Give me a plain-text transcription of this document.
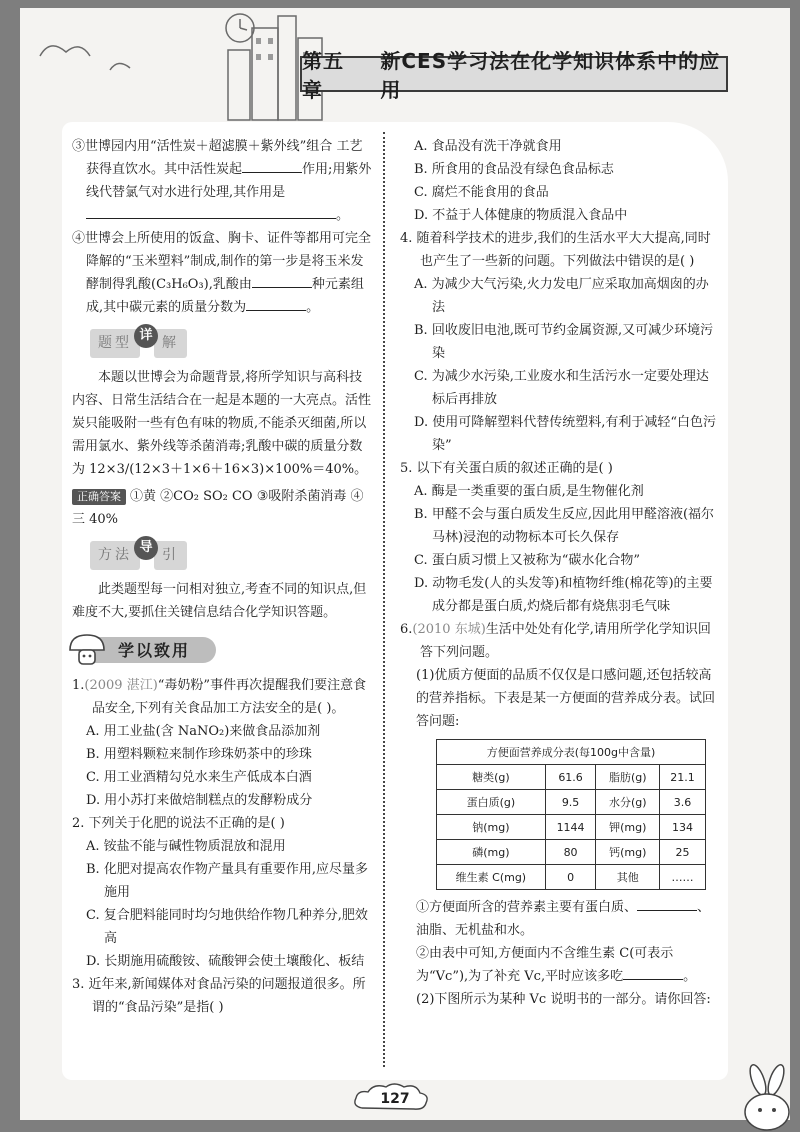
第五章
新CES学习法在化学知识体系中的应用

③世博园内用“活性炭＋超滤膜＋紫外线”组合 工艺获得直饮水。其中活性炭起	作用;用紫外线代替氯气对水进行处理,其作用是。

④世博会上所使用的饭盒、胸卡、证件等都用可完全降解的“玉米塑料”制成,制作的第一步是将玉米发酵制得乳酸(C₃H₆O₃),乳酸由	种元素组成,其中碳元素的质量分数为	。

题型 详 解

本题以世博会为命题背景,将所学知识与高科技内容、日常生活结合在一起是本题的一大亮点。活性炭只能吸附一些有色有味的物质,不能杀灭细菌,所以需用氯水、紫外线等杀菌消毒;乳酸中碳的质量分数为 12×3/(12×3＋1×6＋16×3)×100%＝40%。

正确答案 ①黄 ②CO₂ SO₂ CO ③吸附杀菌消毒 ④三 40%

方法 导 引

此类题型每一问相对独立,考查不同的知识点,但难度不大,要抓住关键信息结合化学知识答题。

学以致用

1.(2009 湛江)“毒奶粉”事件再次提醒我们要注意食品安全,下列有关食品加工方法安全的是( )。

A. 用工业盐(含 NaNO₂)来做食品添加剂

B. 用塑料颗粒来制作珍珠奶茶中的珍珠

C. 用工业酒精勾兑水来生产低成本白酒

D. 用小苏打来做焙制糕点的发酵粉成分

2. 下列关于化肥的说法不正确的是( )

A. 铵盐不能与碱性物质混放和混用

B. 化肥对提高农作物产量具有重要作用,应尽量多施用

C. 复合肥料能同时均匀地供给作物几种养分,肥效高

D. 长期施用硫酸铵、硫酸钾会使土壤酸化、板结

3. 近年来,新闻媒体对食品污染的问题报道很多。所谓的“食品污染”是指( )

A. 食品没有洗干净就食用

B. 所食用的食品没有绿色食品标志

C. 腐烂不能食用的食品

D. 不益于人体健康的物质混入食品中

4. 随着科学技术的进步,我们的生活水平大大提高,同时也产生了一些新的问题。下列做法中错误的是( )

A. 为减少大气污染,火力发电厂应采取加高烟囱的办法

B. 回收废旧电池,既可节约金属资源,又可减少环境污染

C. 为减少水污染,工业废水和生活污水一定要处理达标后再排放

D. 使用可降解塑料代替传统塑料,有利于减轻“白色污染”

5. 以下有关蛋白质的叙述正确的是( )

A. 酶是一类重要的蛋白质,是生物催化剂

B. 甲醛不会与蛋白质发生反应,因此用甲醛溶液(福尔马林)浸泡的动物标本可长久保存

C. 蛋白质习惯上又被称为“碳水化合物”

D. 动物毛发(人的头发等)和植物纤维(棉花等)的主要成分都是蛋白质,灼烧后都有烧焦羽毛气味

6.(2010 东城)生活中处处有化学,请用所学化学知识回答下列问题。

(1)优质方便面的品质不仅仅是口感问题,还包括较高的营养指标。下表是某一方便面的营养成分表。试回答问题:

方便面营养成分表(每100g中含量)			
糖类(g)	61.6	脂肪(g)	21.1
蛋白质(g)	9.5	水分(g)	3.6
钠(mg)	1144	钾(mg)	134
磷(mg)	80	钙(mg)	25
维生素 C(mg)	0	其他	……

①方便面所含的营养素主要有蛋白质、	、油脂、无机盐和水。

②由表中可知,方便面内不含维生素 C(可表示为“Vc”),为了补充 Vc,平时应该多吃	。

(2)下图所示为某种 Vc 说明书的一部分。请你回答:

127
